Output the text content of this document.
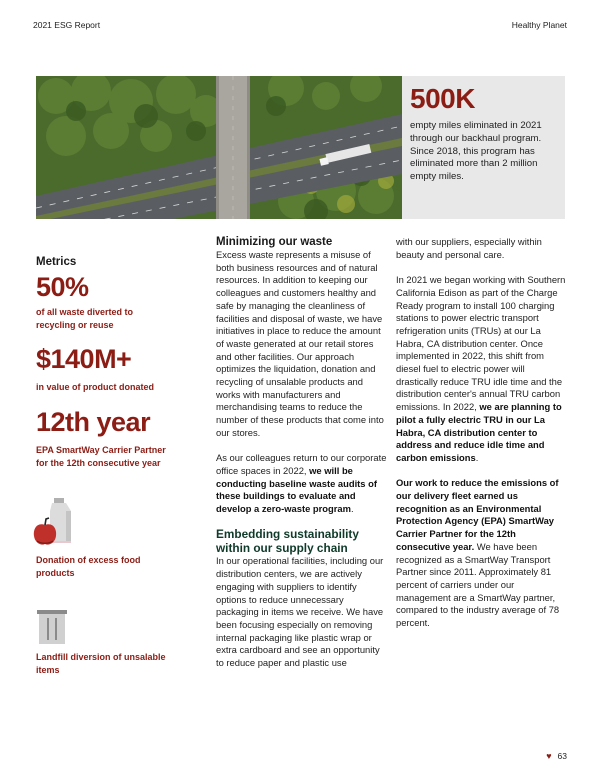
2021 ESG Report	Healthy Planet
500K
empty miles eliminated in 2021 through our backhaul program. Since 2018, this program has eliminated more than 2 million empty miles.
Metrics
50%
of all waste diverted to recycling or reuse
$140M+
in value of product donated
12th year
EPA SmartWay Carrier Partner for the 12th consecutive year
Donation of excess food products
Landfill diversion of unsalable items
Minimizing our waste

Excess waste represents a misuse of both business resources and of natural resources. In addition to keeping our colleagues and customers healthy and safe by managing the cleanliness of facilities and disposal of waste, we have initiatives in place to reduce the amount of waste generated at our retail stores and other facilities. Our approach optimizes the liquidation, donation and recycling of unsalable products and works with manufacturers and merchandising teams to reduce the number of these products that come into our stores.

As our colleagues return to our corporate office spaces in 2022, we will be conducting baseline waste audits of these buildings to evaluate and develop a zero-waste program.

Embedding sustainability within our supply chain

In our operational facilities, including our distribution centers, we are actively engaging with suppliers to identify options to reduce unnecessary packaging in items we receive. We have been focusing especially on removing internal packaging like plastic wrap or extra cardboard and see an opportunity to reduce paper and plastic use

with our suppliers, especially within beauty and personal care.

In 2021 we began working with Southern California Edison as part of the Charge Ready program to install 100 charging stations to power electric transport refrigeration units (TRUs) at our La Habra, CA distribution center. Once implemented in 2022, this shift from diesel fuel to electric power will drastically reduce TRU idle time and the distribution center's annual TRU carbon emissions. In 2022, we are planning to pilot a fully electric TRU in our La Habra, CA distribution center to address and reduce idle time and carbon emissions.

Our work to reduce the emissions of our delivery fleet earned us recognition as an Environmental Protection Agency (EPA) SmartWay Carrier Partner for the 12th consecutive year. We have been recognized as a SmartWay Transport Partner since 2011. Approximately 81 percent of carriers under our management are a SmartWay partner, compared to the industry average of 78 percent.

♥ 63
